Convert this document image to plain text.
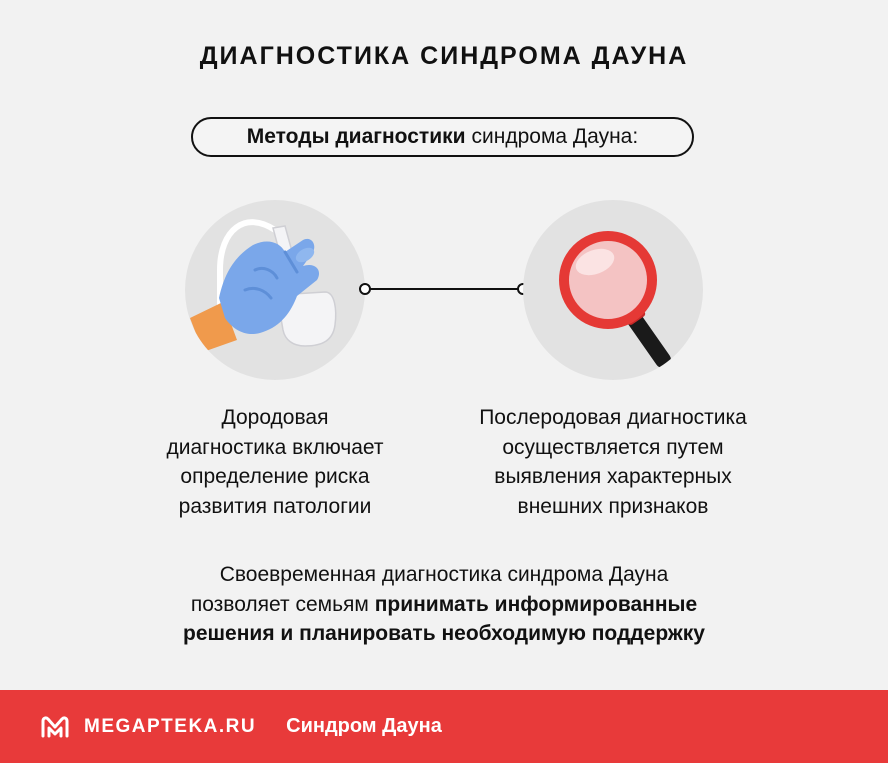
ДИАГНОСТИКА СИНДРОМА ДАУНА
Методы диагностики синдрома Дауна:
Дородовая
диагностика включает
определение риска
развития патологии
Послеродовая диагностика
осуществляется путем
выявления характерных
внешних признаков
Своевременная диагностика синдрома Дауна
позволяет семьям принимать информированные
решения и планировать необходимую поддержку
MEGAPTEKA.RU Синдром Дауна
